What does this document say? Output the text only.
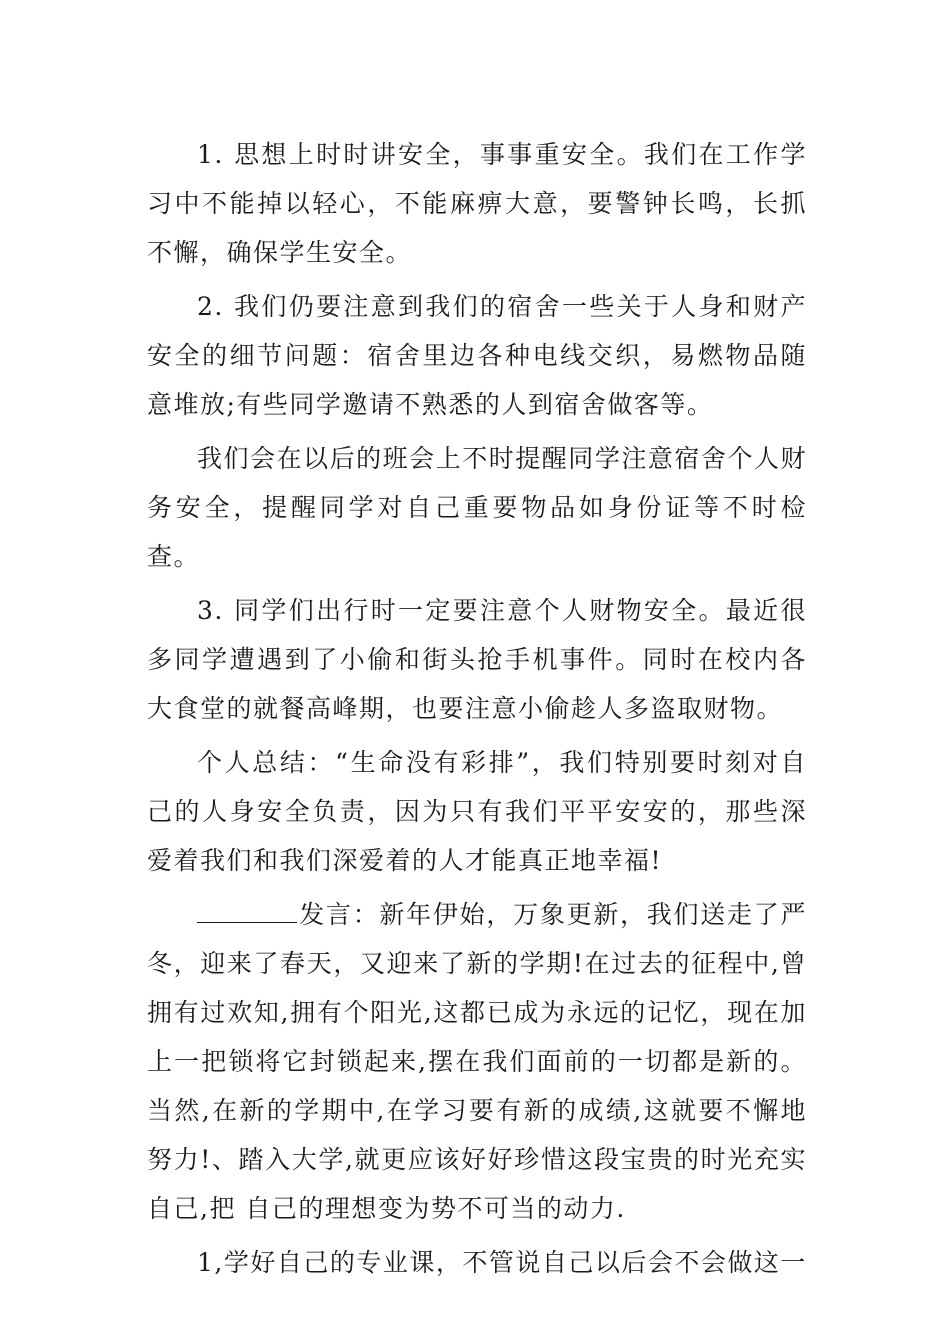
1. 思想上时时讲安全，事事重安全。我们在工作学习中不能掉以轻心，不能麻痹大意，要警钟长鸣，长抓不懈，确保学生安全。

2. 我们仍要注意到我们的宿舍一些关于人身和财产安全的细节问题：宿舍里边各种电线交织，易燃物品随意堆放;有些同学邀请不熟悉的人到宿舍做客等。

我们会在以后的班会上不时提醒同学注意宿舍个人财务安全，提醒同学对自己重要物品如身份证等不时检查。

3. 同学们出行时一定要注意个人财物安全。最近很多同学遭遇到了小偷和街头抢手机事件。同时在校内各大食堂的就餐高峰期，也要注意小偷趁人多盗取财物。

个人总结：“生命没有彩排”，我们特别要时刻对自己的人身安全负责，因为只有我们平平安安的，那些深爱着我们和我们深爱着的人才能真正地幸福!

发言：新年伊始，万象更新，我们送走了严冬，迎来了春天，又迎来了新的学期!在过去的征程中,曾拥有过欢知,拥有个阳光,这都已成为永远的记忆，现在加上一把锁将它封锁起来,摆在我们面前的一切都是新的。当然,在新的学期中,在学习要有新的成绩,这就要不懈地努力!、踏入大学,就更应该好好珍惜这段宝贵的时光充实自己,把 自己的理想变为势不可当的动力.

1,学好自己的专业课，不管说自己以后会不会做这一
